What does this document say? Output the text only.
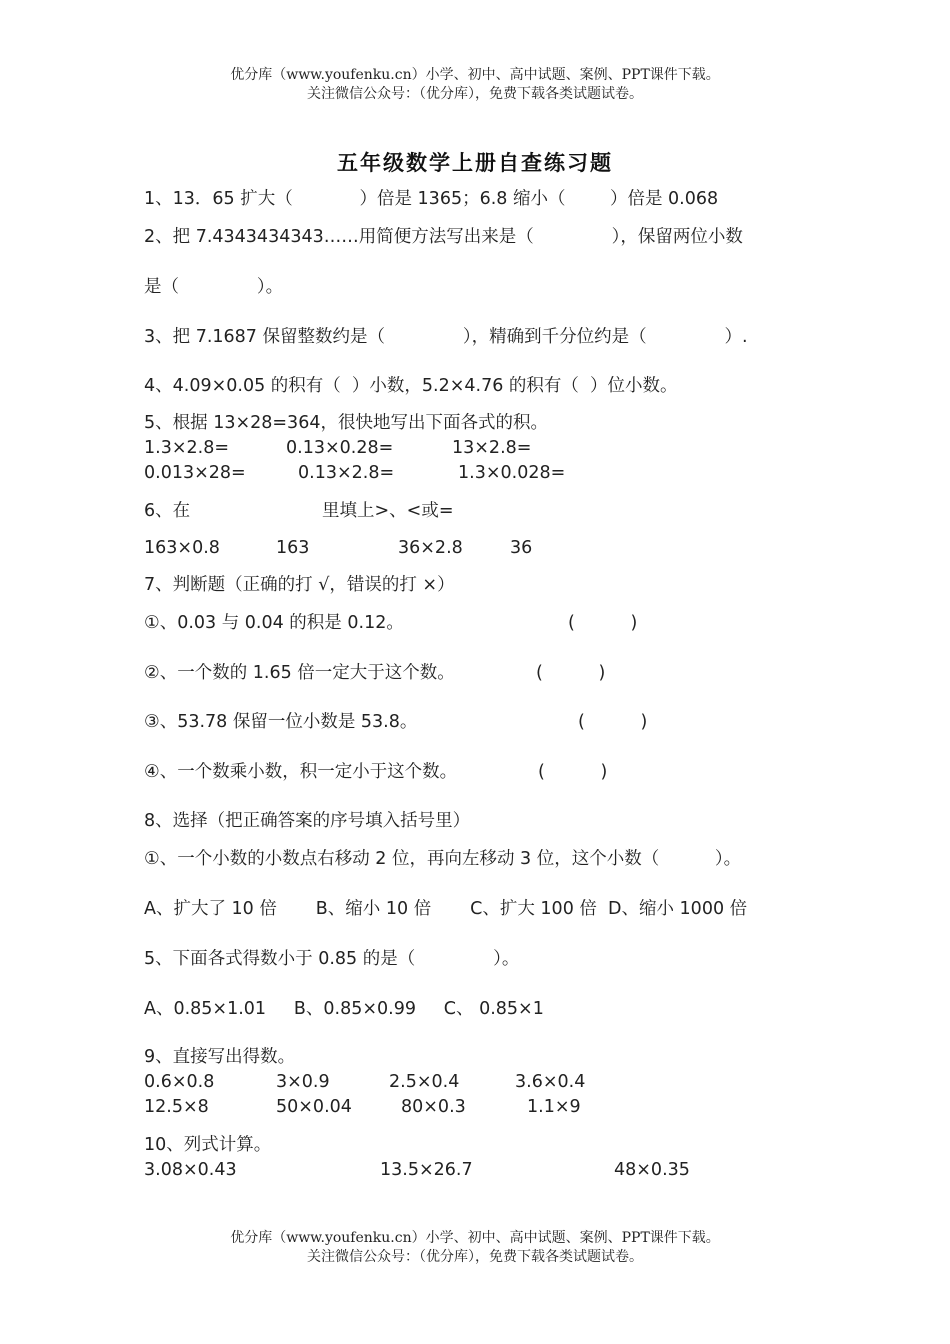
优分库（www.youfenku.cn）小学、初中、高中试题、案例、PPT课件下载。
关注微信公众号：（优分库），免费下载各类试题试卷。
五年级数学上册自查练习题
1、13．65 扩大（            ）倍是 1365；6.8 缩小（        ）倍是 0.068
2、把 7.4343434343……用简便方法写出来是（              ），保留两位小数
是（              ）。
3、把 7.1687 保留整数约是（              ），精确到千分位约是（              ）.
4、4.09×0.05 的积有（  ）小数，5.2×4.76 的积有（  ）位小数。
5、根据 13×28=364，很快地写出下面各式的积。
1.3×2.8=	0.13×0.28=	13×2.8=
0.013×28=	0.13×2.8=	1.3×0.028=
6、在	里填上>、<或=
163×0.8	163	36×2.8	36
7、判断题（正确的打 √，错误的打 ×）
①、0.03 与 0.04 的积是 0.12。	(          )
②、一个数的 1.65 倍一定大于这个数。	(          )
③、53.78 保留一位小数是 53.8。	(          )
④、一个数乘小数，积一定小于这个数。	(          )
8、选择（把正确答案的序号填入括号里）
①、一个小数的小数点右移动 2 位，再向左移动 3 位，这个小数（          ）。
A、扩大了 10 倍       B、缩小 10 倍       C、扩大 100 倍  D、缩小 1000 倍
5、下面各式得数小于 0.85 的是（              ）。
A、0.85×1.01     B、0.85×0.99     C、 0.85×1
9、直接写出得数。
0.6×0.8	3×0.9	2.5×0.4	3.6×0.4
12.5×8	50×0.04	80×0.3	1.1×9
10、列式计算。
3.08×0.43	13.5×26.7	48×0.35
优分库（www.youfenku.cn）小学、初中、高中试题、案例、PPT课件下载。
关注微信公众号：（优分库），免费下载各类试题试卷。
